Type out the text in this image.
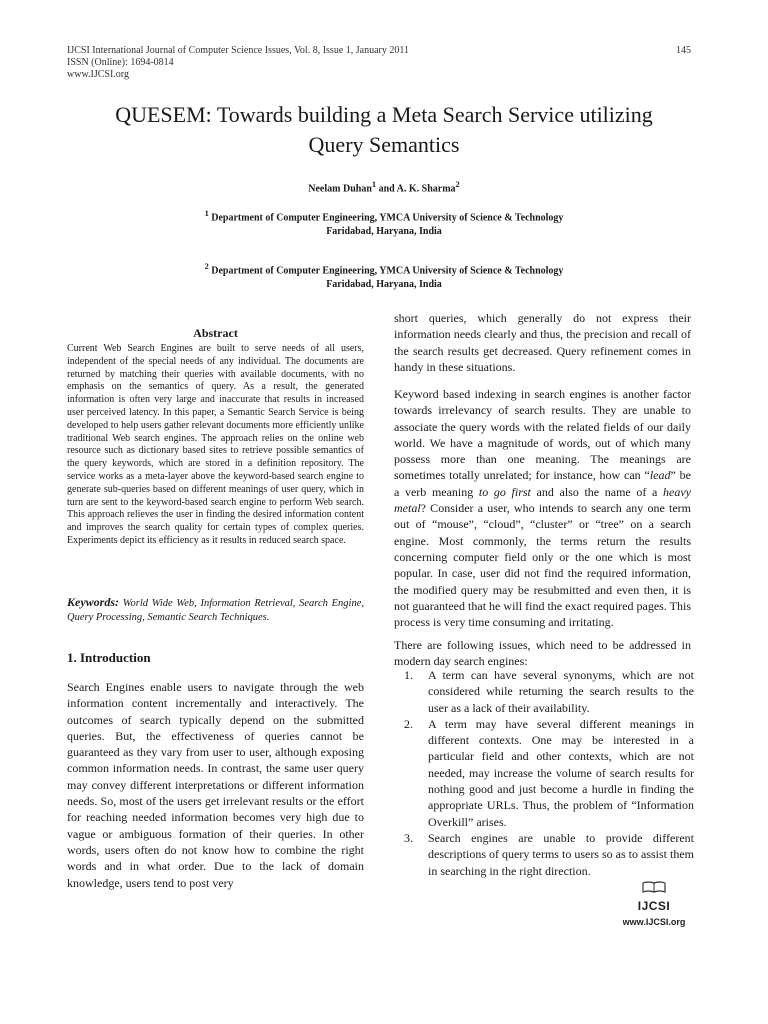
IJCSI International Journal of Computer Science Issues, Vol. 8, Issue 1, January 2011
ISSN (Online): 1694-0814
www.IJCSI.org
145
QUESEM: Towards building a Meta Search Service utilizing
Query Semantics
Neelam Duhan$^1$ and A. K. Sharma$^2$
$^1$ Department of Computer Engineering, YMCA University of Science & Technology
Faridabad, Haryana, India
$^2$ Department of Computer Engineering, YMCA University of Science & Technology
Faridabad, Haryana, India
Abstract
Current Web Search Engines are built to serve needs of all users, independent of the special needs of any individual. The documents are returned by matching their queries with available documents, with no emphasis on the semantics of query. As a result, the generated information is often very large and inaccurate that results in increased user perceived latency. In this paper, a Semantic Search Service is being developed to help users gather relevant documents more efficiently unlike traditional Web search engines. The approach relies on the online web resource such as dictionary based sites to retrieve possible semantics of the query keywords, which are stored in a definition repository. The service works as a meta-layer above the keyword-based search engine to generate sub-queries based on different meanings of user query, which in turn are sent to the keyword-based search engine to perform Web search. This approach relieves the user in finding the desired information content and improves the search quality for certain types of complex queries. Experiments depict its efficiency as it results in reduced search space.
Keywords: World Wide Web, Information Retrieval, Search Engine, Query Processing, Semantic Search Techniques.
1. Introduction
Search Engines enable users to navigate through the web information content incrementally and interactively. The outcomes of search typically depend on the submitted queries. But, the effectiveness of queries cannot be guaranteed as they vary from user to user, although exposing common information needs. In contrast, the same user query may convey different interpretations or different information needs. So, most of the users get irrelevant results or the effort for reaching needed information becomes very high due to vague or ambiguous formation of their queries. In other words, users often do not know how to combine the right words and in what order. Due to the lack of domain knowledge, users tend to post very
short queries, which generally do not express their information needs clearly and thus, the precision and recall of the search results get decreased. Query refinement comes in handy in these situations.
Keyword based indexing in search engines is another factor towards irrelevancy of search results. They are unable to associate the query words with the related fields of our daily world. We have a magnitude of words, out of which many possess more than one meaning. The meanings are sometimes totally unrelated; for instance, how can “lead” be a verb meaning to go first and also the name of a heavy metal? Consider a user, who intends to search any one term out of “mouse”, “cloud”, “cluster” or “tree” on a search engine. Most commonly, the terms return the results concerning computer field only or the one which is most popular. In case, user did not find the required information, the modified query may be resubmitted and even then, it is not guaranteed that he will find the exact required pages. This process is very time consuming and irritating.
There are following issues, which need to be addressed in modern day search engines:
1. A term can have several synonyms, which are not considered while returning the search results to the user as a lack of their availability.
2. A term may have several different meanings in different contexts. One may be interested in a particular field and other contexts, which are not needed, may increase the volume of search results for nothing good and just become a hurdle in finding the appropriate URLs. Thus, the problem of “Information Overkill” arises.
3. Search engines are unable to provide different descriptions of query terms to users so as to assist them in searching in the right direction.
IJCSI
www.IJCSI.org
